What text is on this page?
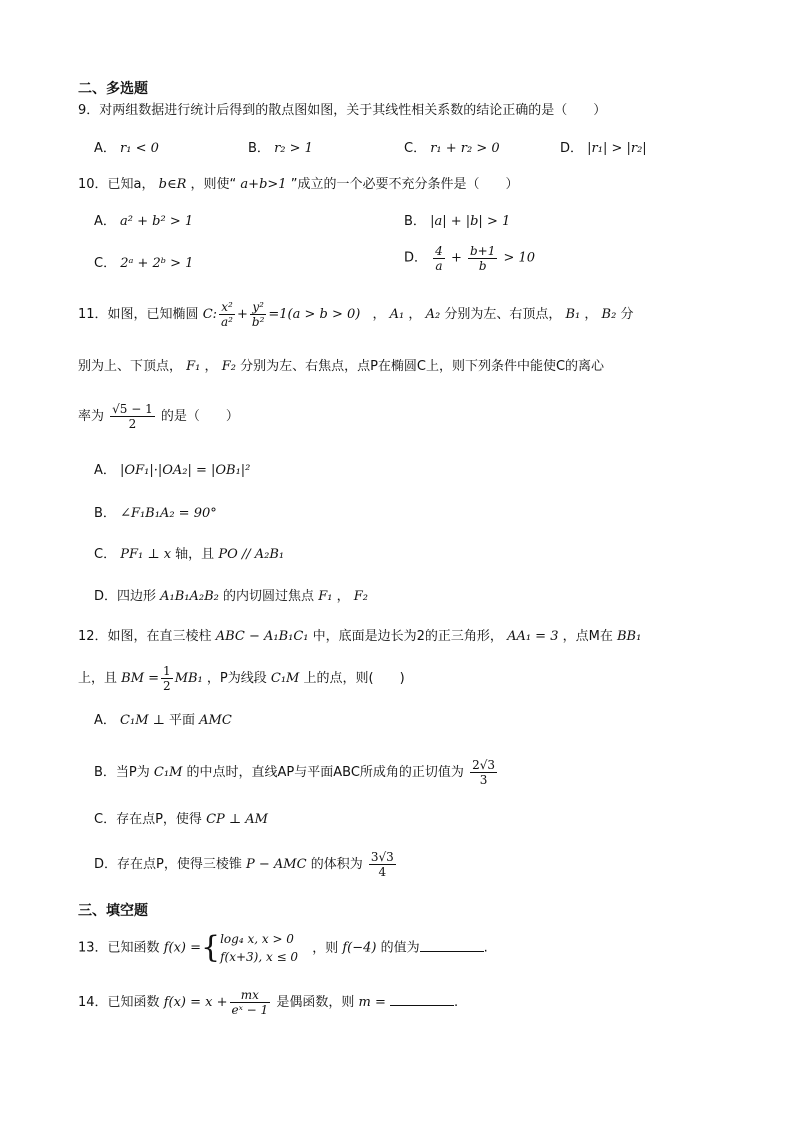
二、多选题
9．对两组数据进行统计后得到的散点图如图，关于其线性相关系数的结论正确的是（　　）
A． r₁ < 0	B． r₂ > 1	C． r₁ + r₂ > 0	D． |r₁| > |r₂|
10．已知a， b∈R ，则使“ a+b>1 ”成立的一个必要不充分条件是（　　）
A． a² + b² > 1	B． |a| + |b| > 1
C． 2ᵃ + 2ᵇ > 1	D． $\frac{4}{a} + \frac{b+1}{b} > 10$
11．如图，已知椭圆 C: $\frac{\text{x²}}{\text{a²}} + \frac{\text{y²}}{\text{b²}} =1(a > b > 0)$ ， A₁ ， A₂ 分别为左、右顶点， B₁ ， B₂ 分
别为上、下顶点， F₁ ， F₂ 分别为左、右焦点，点P在椭圆C上，则下列条件中能使C的离心
率为 $\frac{√5 - 1}{2}$ 的是（　　）
A． |OF₁|·|OA₂| = |OB₁|²
B． ∠F₁B₁A₂ = 90°
C． PF₁ ⊥ x 轴，且 PO // A₂B₁
D．四边形 A₁B₁A₂B₂ 的内切圆过焦点 F₁ ， F₂
12．如图，在直三棱柱 ABC − A₁B₁C₁ 中，底面是边长为2的正三角形， AA₁ = 3 ，点M在 BB₁
上，且 BM = $\frac{1}{2} MB_1$ ，P为线段 C₁M 上的点，则(　　)
A． C₁M ⊥ 平面 AMC
B．当P为 C₁M 的中点时，直线AP与平面ABC所成角的正切值为 $\frac{2√3}{3}$
C．存在点P，使得 CP ⊥ AM
D．存在点P，使得三棱锥 P − AMC 的体积为 $\frac{3√3}{4}$
三、填空题
13．已知函数 f(x) ={ log₄ x, x > 0
f(x+3), x ≤ 0
，则 f(−4) 的值为	.
14．已知函数 $f(x) = x + \frac{mx}{\text{eˣ − 1}}$ 是偶函数，则 m =	.
